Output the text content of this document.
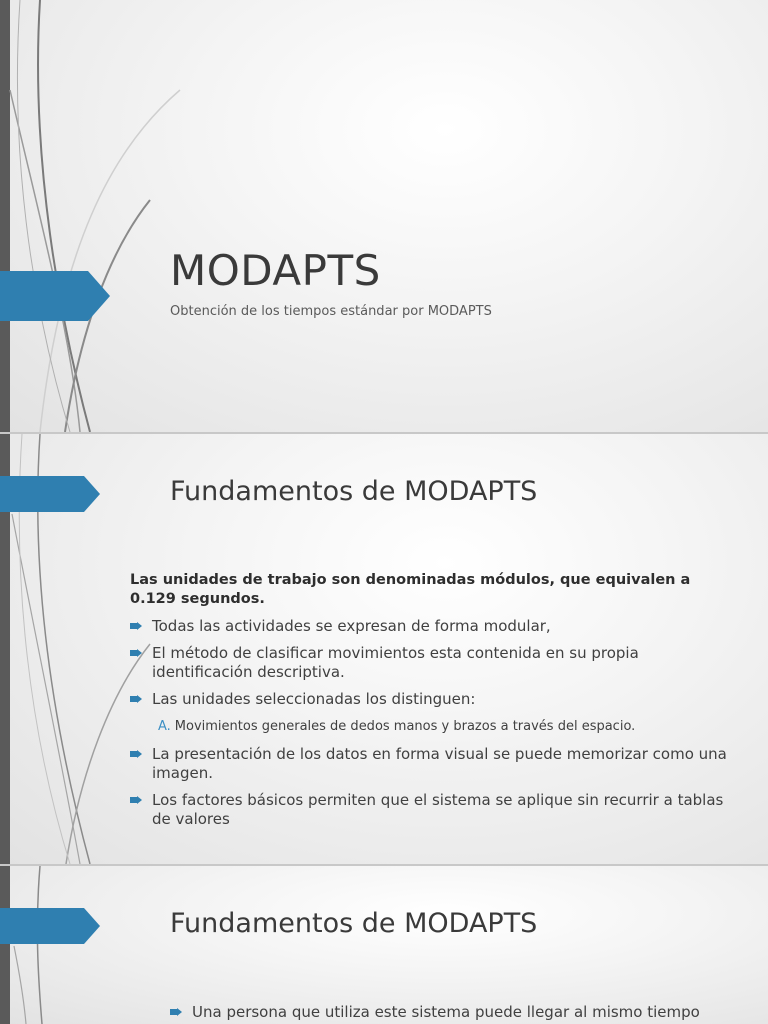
MODAPTS

Obtención de los tiempos estándar por MODAPTS

Fundamentos de MODAPTS
Las unidades de trabajo son denominadas módulos, que equivalen a 0.129 segundos.
Todas las actividades se expresan de forma modular,
El método de clasificar movimientos esta contenida en su propia identificación descriptiva.
Las unidades seleccionadas los distinguen:
A. Movimientos generales de dedos manos y brazos a través del espacio.
La presentación de los datos en forma visual se puede memorizar como una imagen.
Los factores básicos permiten que el sistema se aplique sin recurrir a tablas de valores
Fundamentos de MODAPTS
Una persona que utiliza este sistema puede llegar al mismo tiempo
